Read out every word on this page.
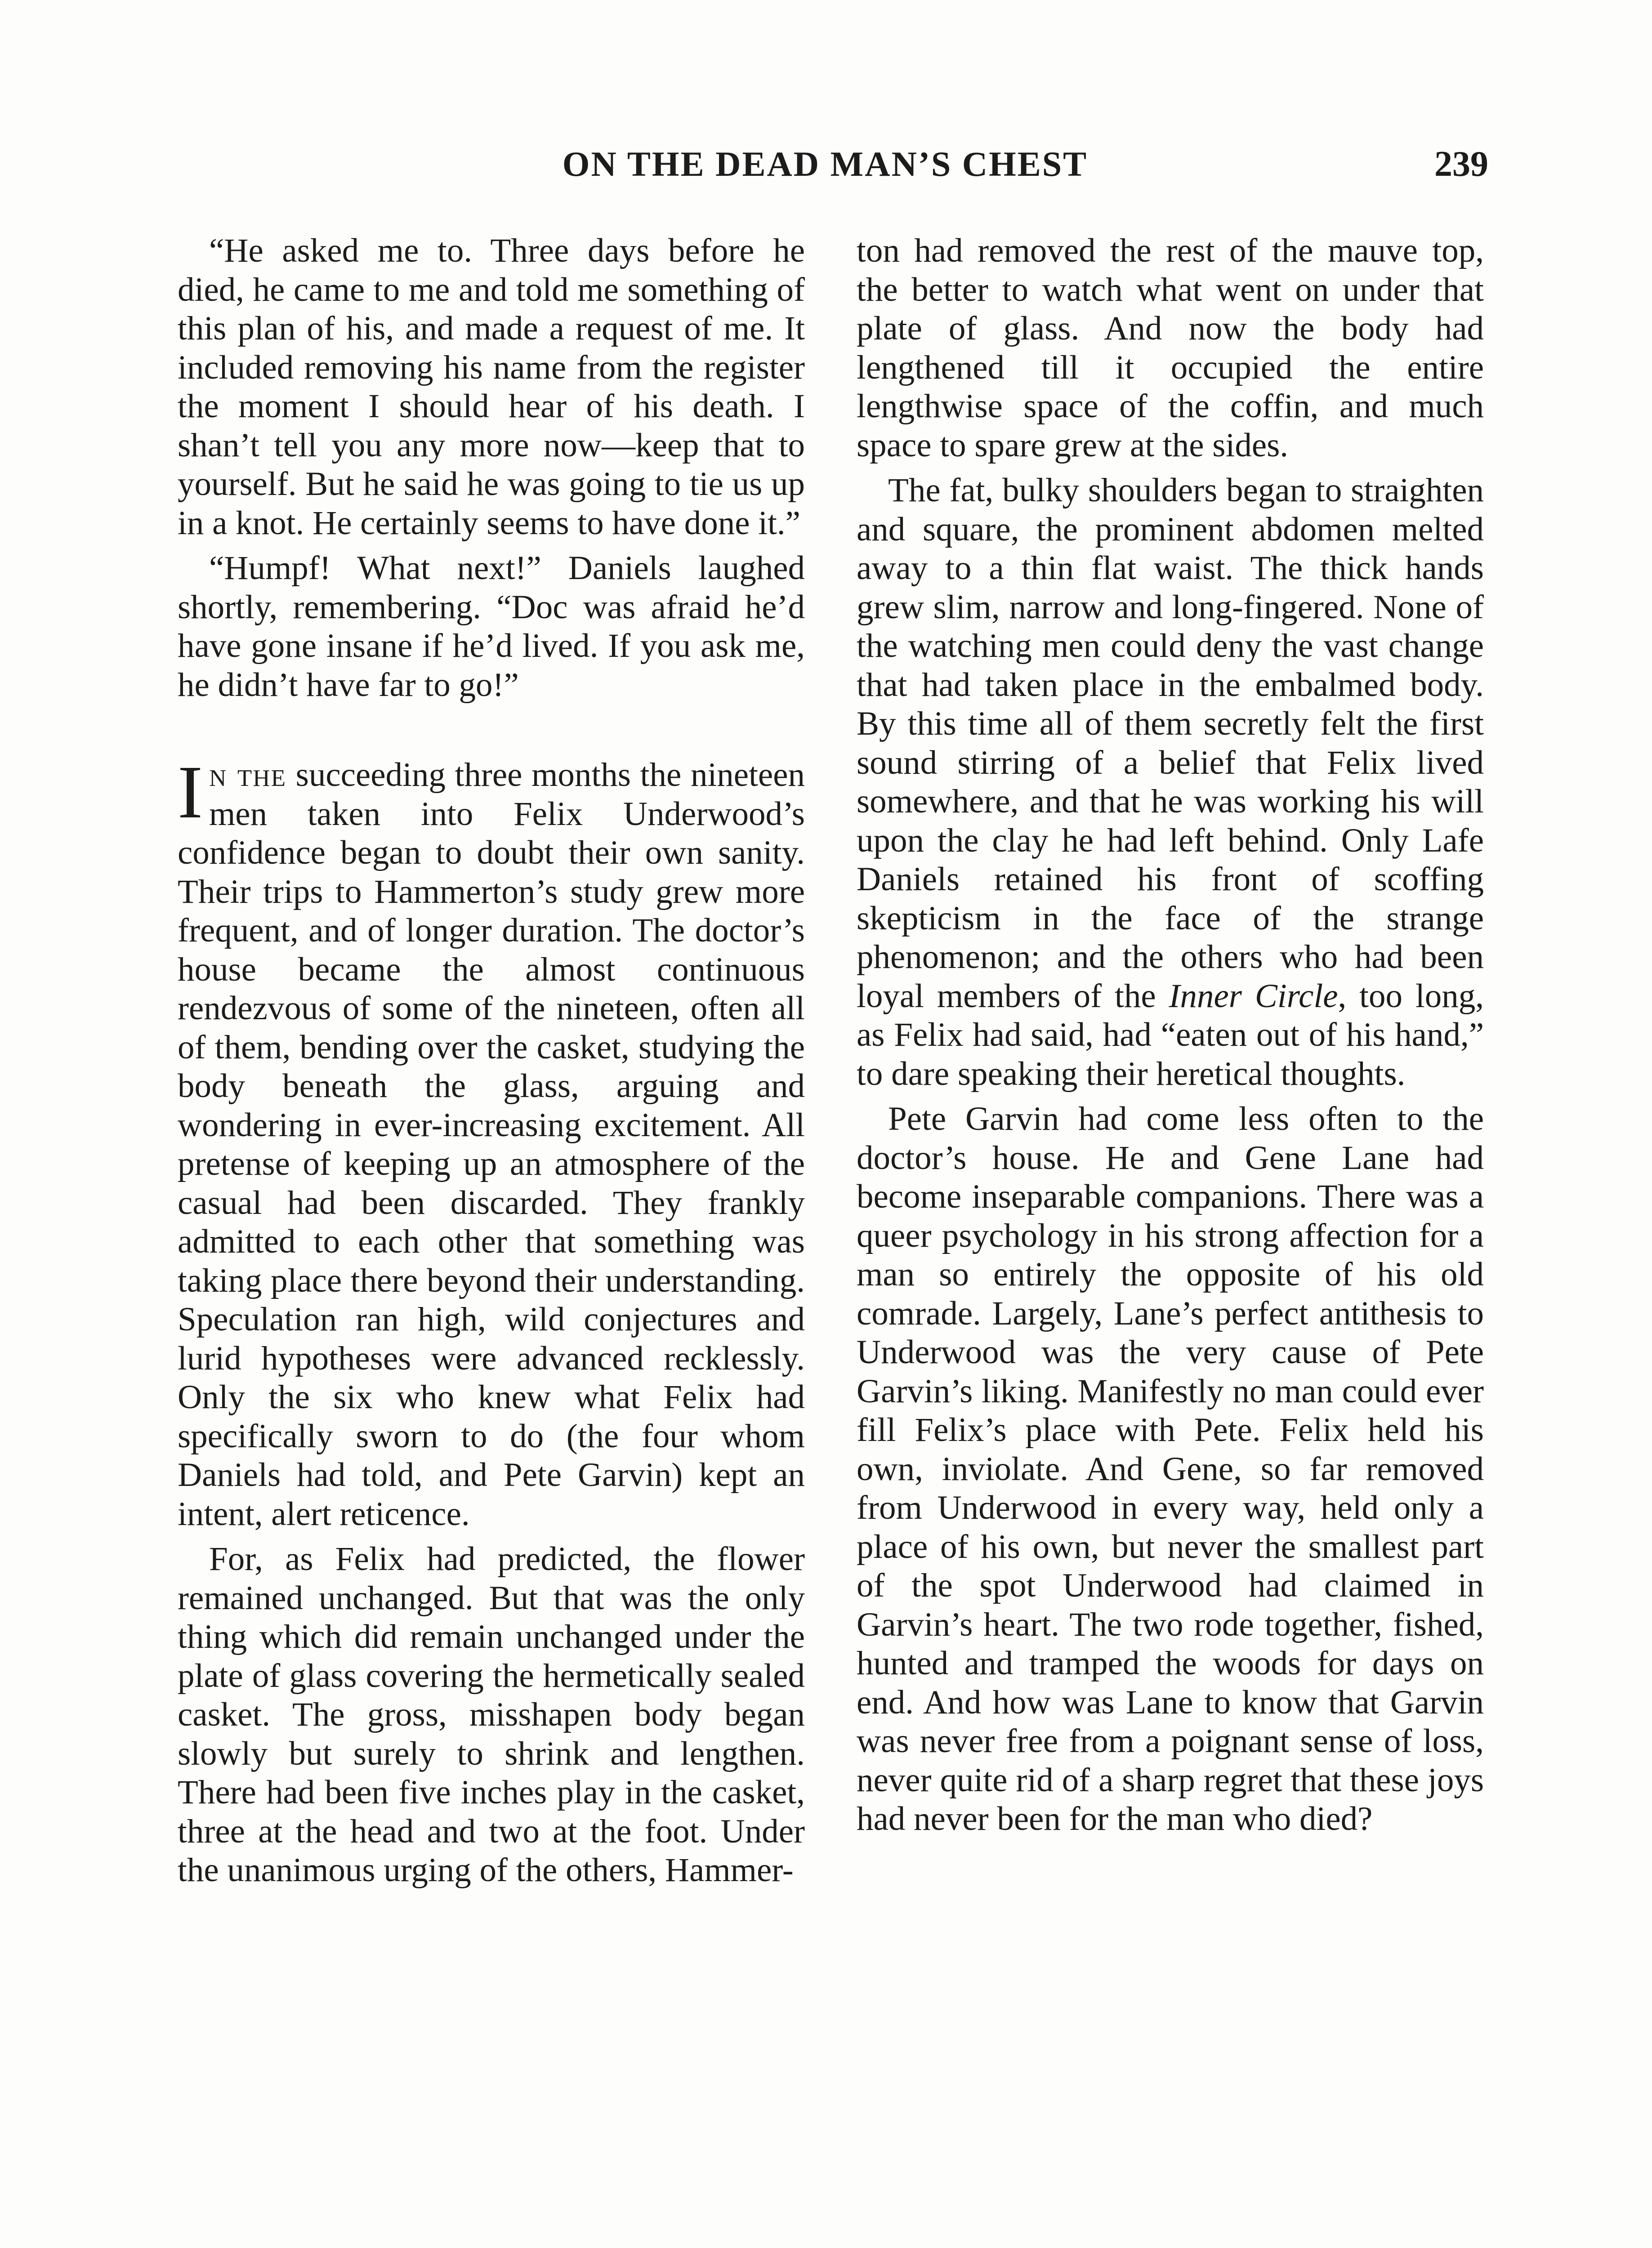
ON THE DEAD MAN’S CHEST	239

“He asked me to. Three days before he died, he came to me and told me something of this plan of his, and made a request of me. It included removing his name from the register the moment I should hear of his death. I shan’t tell you any more now—keep that to yourself. But he said he was going to tie us up in a knot. He certainly seems to have done it.”

“Humpf! What next!” Daniels laughed shortly, remembering. “Doc was afraid he’d have gone insane if he’d lived. If you ask me, he didn’t have far to go!”

In the succeeding three months the nineteen men taken into Felix Underwood’s confidence began to doubt their own sanity. Their trips to Hammerton’s study grew more frequent, and of longer duration. The doctor’s house became the almost continuous rendezvous of some of the nineteen, often all of them, bending over the casket, studying the body beneath the glass, arguing and wondering in ever-increasing excitement. All pretense of keeping up an atmosphere of the casual had been discarded. They frankly admitted to each other that something was taking place there beyond their understanding. Speculation ran high, wild conjectures and lurid hypotheses were advanced recklessly. Only the six who knew what Felix had specifically sworn to do (the four whom Daniels had told, and Pete Garvin) kept an intent, alert reticence.

For, as Felix had predicted, the flower remained unchanged. But that was the only thing which did remain unchanged under the plate of glass covering the hermetically sealed casket. The gross, misshapen body began slowly but surely to shrink and lengthen. There had been five inches play in the casket, three at the head and two at the foot. Under the unanimous urging of the others, Hammer-

ton had removed the rest of the mauve top, the better to watch what went on under that plate of glass. And now the body had lengthened till it occupied the entire lengthwise space of the coffin, and much space to spare grew at the sides.

The fat, bulky shoulders began to straighten and square, the prominent abdomen melted away to a thin flat waist. The thick hands grew slim, narrow and long-fingered. None of the watching men could deny the vast change that had taken place in the embalmed body. By this time all of them secretly felt the first sound stirring of a belief that Felix lived somewhere, and that he was working his will upon the clay he had left behind. Only Lafe Daniels retained his front of scoffing skepticism in the face of the strange phenomenon; and the others who had been loyal members of the Inner Circle, too long, as Felix had said, had “eaten out of his hand,” to dare speaking their heretical thoughts.

Pete Garvin had come less often to the doctor’s house. He and Gene Lane had become inseparable companions. There was a queer psychology in his strong affection for a man so entirely the opposite of his old comrade. Largely, Lane’s perfect antithesis to Underwood was the very cause of Pete Garvin’s liking. Manifestly no man could ever fill Felix’s place with Pete. Felix held his own, inviolate. And Gene, so far removed from Underwood in every way, held only a place of his own, but never the smallest part of the spot Underwood had claimed in Garvin’s heart. The two rode together, fished, hunted and tramped the woods for days on end. And how was Lane to know that Garvin was never free from a poignant sense of loss, never quite rid of a sharp regret that these joys had never been for the man who died?
